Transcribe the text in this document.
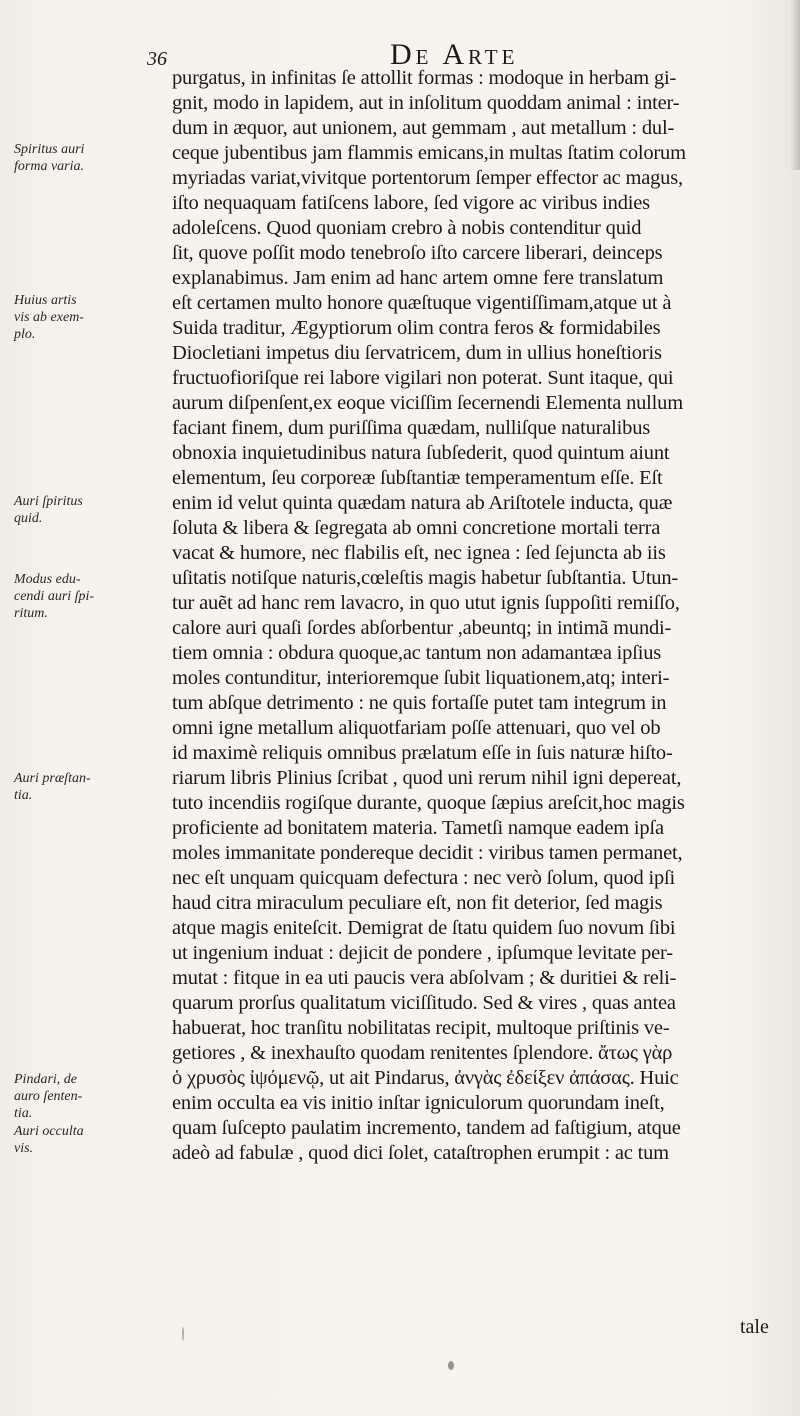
36	De Arte
Spiritus auri
forma varia.
Huius artis
vis ab exem-
plo.
Auri ſpiritus
quid.
Modus edu-
cendi auri ſpi-
ritum.
Auri præſtan-
tia.
Pindari, de
auro ſenten-
tia.
Auri occulta
vis.
purgatus, in infinitas ſe attollit formas : modoque in herbam gi-
gnit, modo in lapidem, aut in inſolitum quoddam animal : inter-
dum in æquor, aut unionem, aut gemmam , aut metallum : dul-
ceque jubentibus jam flammis emicans,in multas ſtatim colorum
myriadas variat,vivitque portentorum ſemper effector ac magus,
iſto nequaquam fatiſcens labore, ſed vigore ac viribus indies
adoleſcens. Quod quoniam crebro à nobis contenditur quid
ſit, quove poſſit modo tenebroſo iſto carcere liberari, deinceps
explanabimus. Jam enim ad hanc artem omne fere translatum
eſt certamen multo honore quæſtuque vigentiſſimam,atque ut à
Suida traditur, Ægyptiorum olim contra feros & formidabiles
Diocletiani impetus diu ſervatricem, dum in ullius honeſtioris
fructuofioriſque rei labore vigilari non poterat. Sunt itaque, qui
aurum diſpenſent,ex eoque viciſſim ſecernendi Elementa nullum
faciant finem, dum puriſſima quædam, nulliſque naturalibus
obnoxia inquietudinibus natura ſubſederit, quod quintum aiunt
elementum, ſeu corporeæ ſubſtantiæ temperamentum eſſe. Eſt
enim id velut quinta quædam natura ab Ariſtotele inducta, quæ
ſoluta & libera & ſegregata ab omni concretione mortali terra
vacat & humore, nec flabilis eſt, nec ignea : ſed ſejuncta ab iis
uſitatis notiſque naturis,cœleſtis magis habetur ſubſtantia. Utun-
tur auẽt ad hanc rem lavacro, in quo utut ignis ſuppoſiti remiſſo,
calore auri quaſi ſordes abſorbentur ,abeuntq; in intimã mundi-
tiem omnia : obdura quoque,ac tantum non adamantæa ipſius
moles contunditur, interioremque ſubit liquationem,atq; interi-
tum abſque detrimento : ne quis fortaſſe putet tam integrum in
omni igne metallum aliquotfariam poſſe attenuari, quo vel ob
id maximè reliquis omnibus prælatum eſſe in ſuis naturæ hiſto-
riarum libris Plinius ſcribat , quod uni rerum nihil igni depereat,
tuto incendiis rogiſque durante, quoque ſæpius areſcit,hoc magis
proficiente ad bonitatem materia. Tametſi namque eadem ipſa
moles immanitate pondereque decidit : viribus tamen permanet,
nec eſt unquam quicquam defectura : nec verò ſolum, quod ipſi
haud citra miraculum peculiare eſt, non fit deterior, ſed magis
atque magis eniteſcit. Demigrat de ſtatu quidem ſuo novum ſibi
ut ingenium induat : dejicit de pondere , ipſumque levitate per-
mutat : fitque in ea uti paucis vera abſolvam ; & duritiei & reli-
quarum prorſus qualitatum viciſſitudo. Sed & vires , quas antea
habuerat, hoc tranſitu nobilitatas recipit, multoque priſtinis ve-
getiores , & inexhauſto quodam renitentes ſplendore. ἄτως γὰρ
ὁ χρυσὸς ἰψόμενῷ, ut ait Pindarus, ἀνγὰς ἐδείξεν ἀπάσας. Huic
enim occulta ea vis initio inſtar igniculorum quorundam ineſt,
quam ſuſcepto paulatim incremento, tandem ad faſtigium, atque
adeò ad fabulæ , quod dici ſolet, cataſtrophen erumpit : ac tum
tale
